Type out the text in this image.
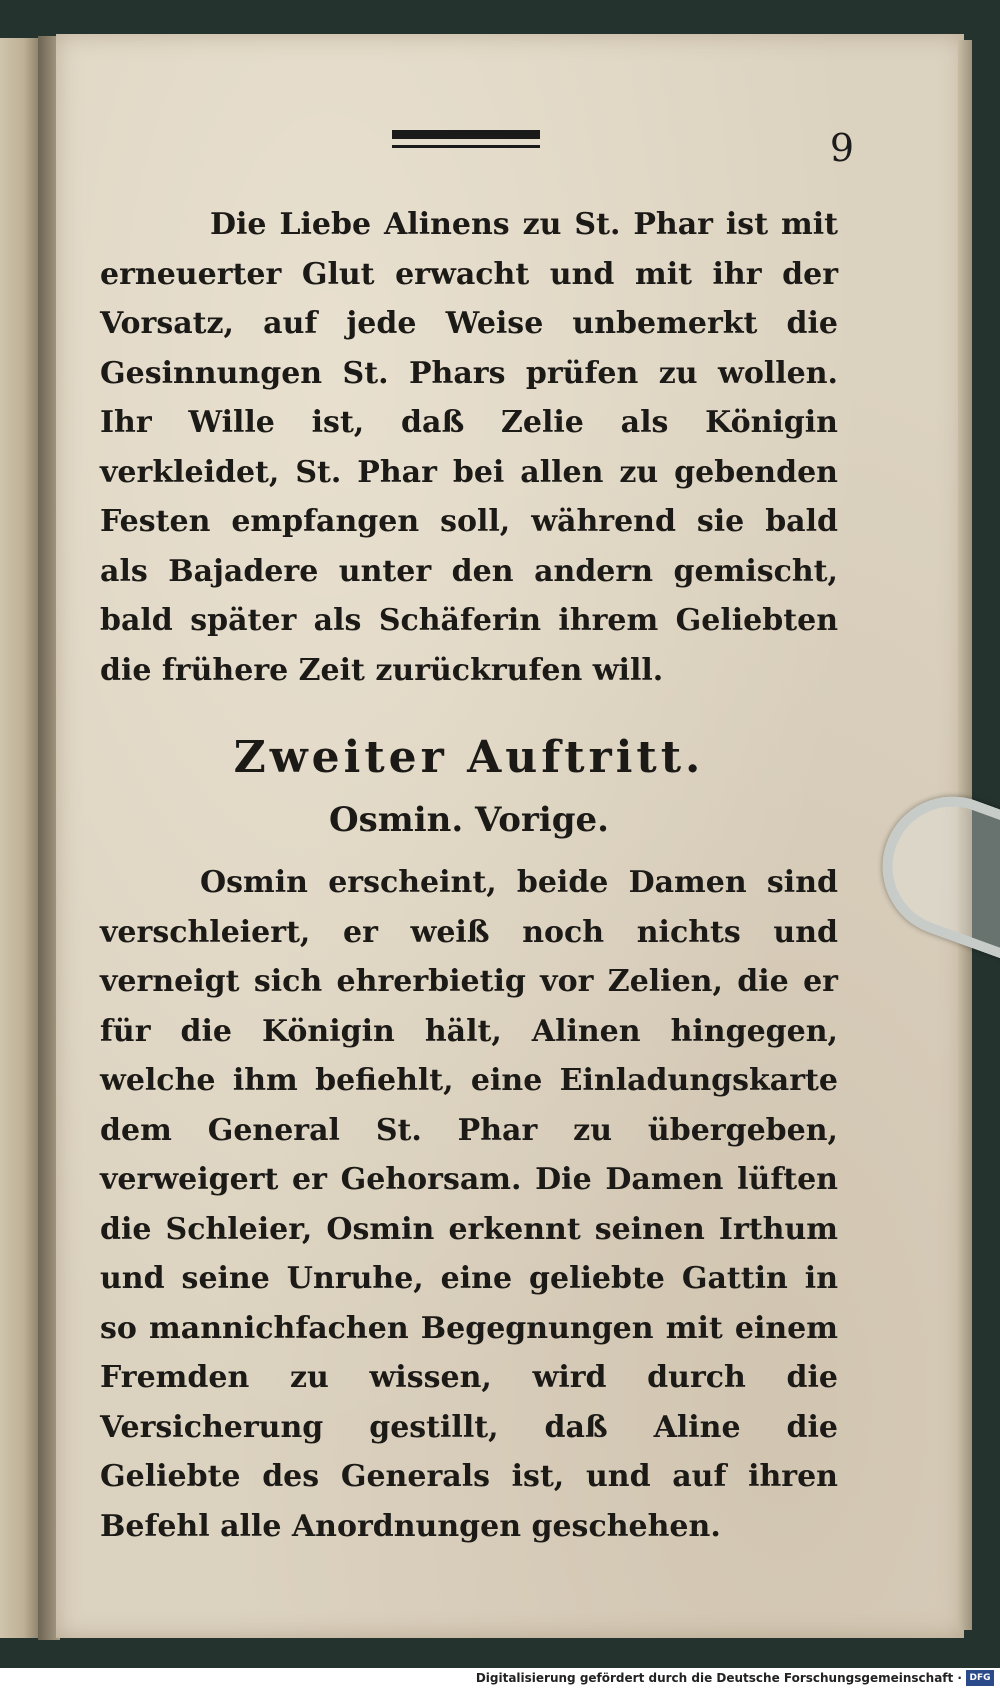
9

Die Liebe Alinens zu St. Phar ist mit erneuerter Glut erwacht und mit ihr der Vorsatz, auf jede Weise unbemerkt die Gesinnungen St. Phars prüfen zu wollen. Ihr Wille ist, daß Zelie als Königin verkleidet, St. Phar bei allen zu gebenden Festen empfangen soll, während sie bald als Bajadere unter den andern gemischt, bald später als Schäferin ihrem Geliebten die frühere Zeit zurückrufen will.

Zweiter Auftritt.
Osmin. Vorige.

Osmin erscheint, beide Damen sind verschleiert, er weiß noch nichts und verneigt sich ehrerbietig vor Zelien, die er für die Königin hält, Alinen hingegen, welche ihm befiehlt, eine Einladungskarte dem General St. Phar zu übergeben, verweigert er Gehorsam. Die Damen lüften die Schleier, Osmin erkennt seinen Irthum und seine Unruhe, eine geliebte Gattin in so mannichfachen Begegnungen mit einem Fremden zu wissen, wird durch die Versicherung gestillt, daß Aline die Geliebte des Generals ist, und auf ihren Befehl alle Anordnungen geschehen.

Digitalisierung gefördert durch die Deutsche Forschungsgemeinschaft · DFG
